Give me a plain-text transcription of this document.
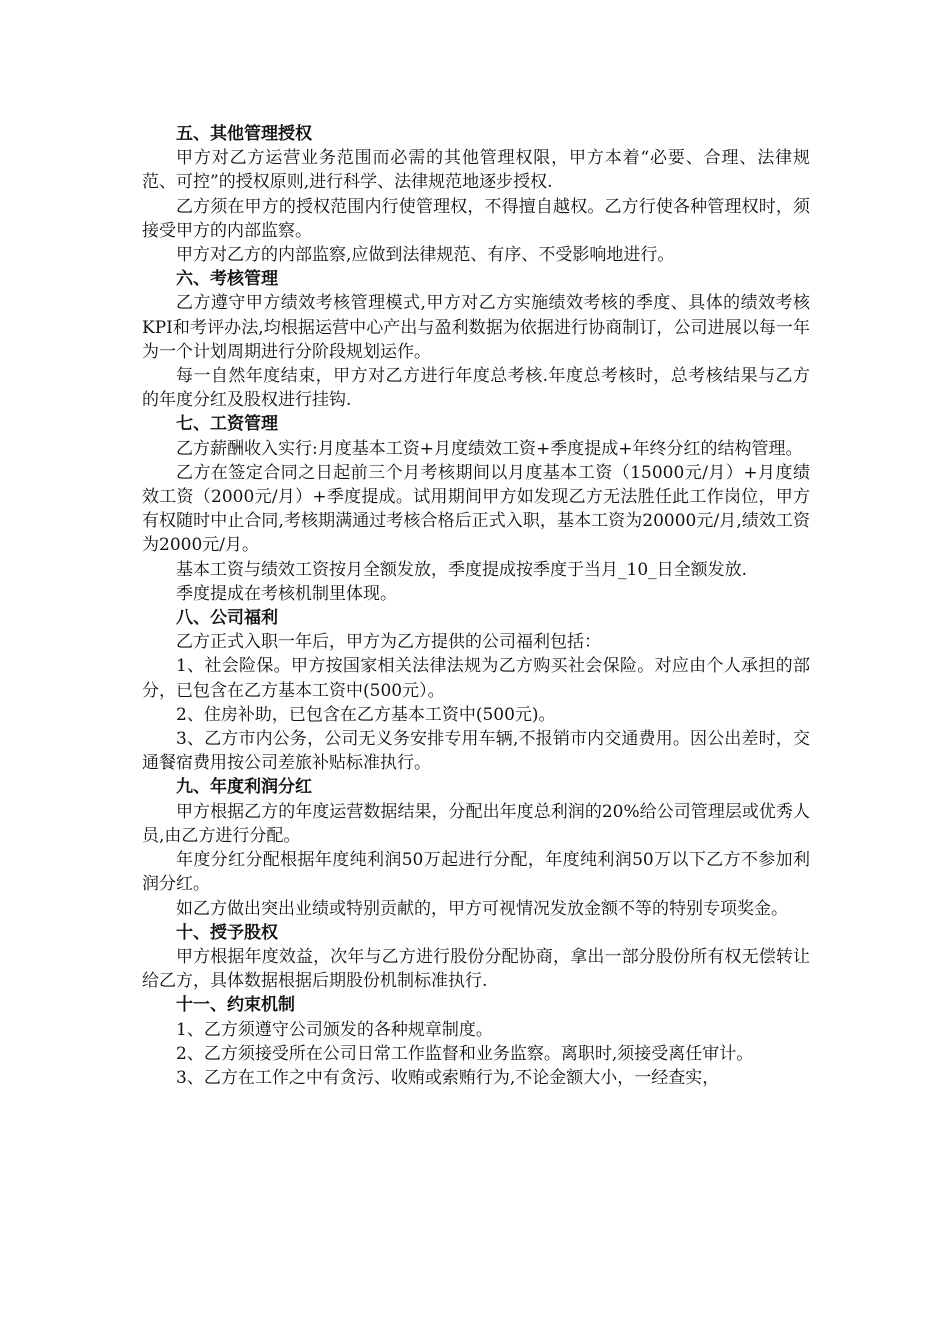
五、其他管理授权

甲方对乙方运营业务范围而必需的其他管理权限，甲方本着“必要、合理、法律规范、可控”的授权原则,进行科学、法律规范地逐步授权.

乙方须在甲方的授权范围内行使管理权，不得擅自越权。乙方行使各种管理权时，须接受甲方的内部监察。

甲方对乙方的内部监察,应做到法律规范、有序、不受影响地进行。

六、考核管理

乙方遵守甲方绩效考核管理模式,甲方对乙方实施绩效考核的季度、具体的绩效考核KPI和考评办法,均根据运营中心产出与盈利数据为依据进行协商制订，公司进展以每一年为一个计划周期进行分阶段规划运作。

每一自然年度结束，甲方对乙方进行年度总考核.年度总考核时，总考核结果与乙方的年度分红及股权进行挂钩.

七、工资管理

乙方薪酬收入实行:月度基本工资+月度绩效工资+季度提成+年终分红的结构管理。

乙方在签定合同之日起前三个月考核期间以月度基本工资（15000元/月）+月度绩效工资（2000元/月）+季度提成。试用期间甲方如发现乙方无法胜任此工作岗位，甲方有权随时中止合同,考核期满通过考核合格后正式入职，基本工资为20000元/月,绩效工资为2000元/月。

基本工资与绩效工资按月全额发放，季度提成按季度于当月_10_日全额发放.

季度提成在考核机制里体现。

八、公司福利

乙方正式入职一年后，甲方为乙方提供的公司福利包括：

1、社会险保。甲方按国家相关法律法规为乙方购买社会保险。对应由个人承担的部分，已包含在乙方基本工资中(500元）。

2、住房补助，已包含在乙方基本工资中(500元)。

3、乙方市内公务，公司无义务安排专用车辆,不报销市内交通费用。因公出差时，交通餐宿费用按公司差旅补贴标准执行。

九、年度利润分红

甲方根据乙方的年度运营数据结果，分配出年度总利润的20%给公司管理层或优秀人员,由乙方进行分配。

年度分红分配根据年度纯利润50万起进行分配，年度纯利润50万以下乙方不参加利润分红。

如乙方做出突出业绩或特别贡献的，甲方可视情况发放金额不等的特别专项奖金。

十、授予股权

甲方根据年度效益，次年与乙方进行股份分配协商，拿出一部分股份所有权无偿转让给乙方，具体数据根据后期股份机制标准执行.

十一、约束机制

1、乙方须遵守公司颁发的各种规章制度。

2、乙方须接受所在公司日常工作监督和业务监察。离职时,须接受离任审计。

3、乙方在工作之中有贪污、收贿或索贿行为,不论金额大小，一经查实，
